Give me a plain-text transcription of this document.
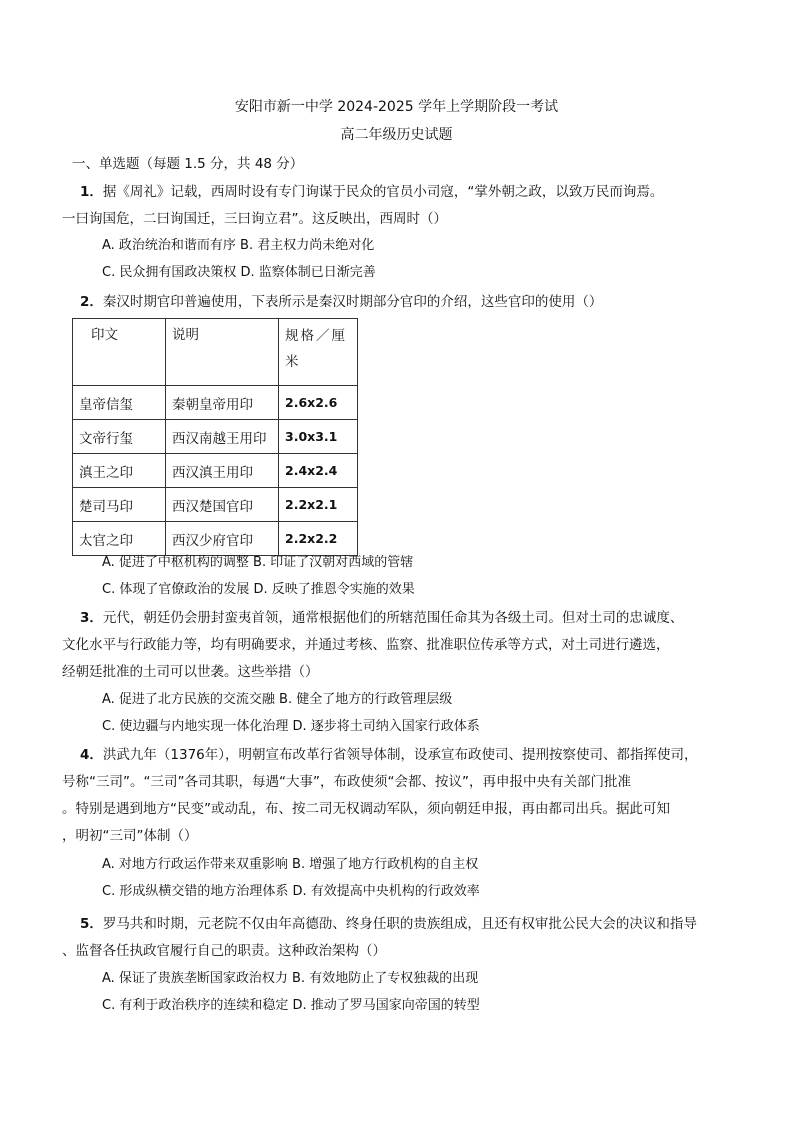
安阳市新一中学 2024-2025 学年上学期阶段一考试
高二年级历史试题
一、单选题（每题 1.5 分，共 48 分）
1．据《周礼》记载，西周时设有专门询谋于民众的官员小司寇，“掌外朝之政，以致万民而询焉。
一曰询国危，二曰询国迁，三曰询立君”。这反映出，西周时（）
A. 政治统治和谐而有序 B. 君主权力尚未绝对化
C. 民众拥有国政决策权 D. 监察体制已日渐完善
2．秦汉时期官印普遍使用，下表所示是秦汉时期部分官印的介绍，这些官印的使用（）
印文	说明	规格／厘米

皇帝信玺	秦朝皇帝用印	2.6x2.6
文帝行玺	西汉南越王用印	3.0x3.1
滇王之印	西汉滇王用印	2.4x2.4
楚司马印	西汉楚国官印	2.2x2.1
太官之印	西汉少府官印	2.2x2.2
A. 促进了中枢机构的调整 B. 印证了汉朝对西域的管辖
C. 体现了官僚政治的发展 D. 反映了推恩令实施的效果
3．元代，朝廷仍会册封蛮夷首领，通常根据他们的所辖范围任命其为各级土司。但对土司的忠诚度、
文化水平与行政能力等，均有明确要求，并通过考核、监察、批准职位传承等方式，对土司进行遴选，
经朝廷批准的土司可以世袭。这些举措（）
A. 促进了北方民族的交流交融 B. 健全了地方的行政管理层级
C. 使边疆与内地实现一体化治理 D. 逐步将土司纳入国家行政体系
4．洪武九年（1376年），明朝宣布改革行省领导体制，设承宣布政使司、提刑按察使司、都指挥使司，
号称“三司”。“三司”各司其职，每遇“大事”，布政使须“会都、按议”，再申报中央有关部门批准
。特别是遇到地方“民变”或动乱，布、按二司无权调动军队，须向朝廷申报，再由都司出兵。据此可知
，明初“三司”体制（）
A. 对地方行政运作带来双重影响 B. 增强了地方行政机构的自主权
C. 形成纵横交错的地方治理体系 D. 有效提高中央机构的行政效率
5．罗马共和时期，元老院不仅由年高德劭、终身任职的贵族组成，且还有权审批公民大会的决议和指导
、监督各任执政官履行自己的职责。这种政治架构（）
A. 保证了贵族垄断国家政治权力 B. 有效地防止了专权独裁的出现
C. 有利于政治秩序的连续和稳定 D. 推动了罗马国家向帝国的转型
